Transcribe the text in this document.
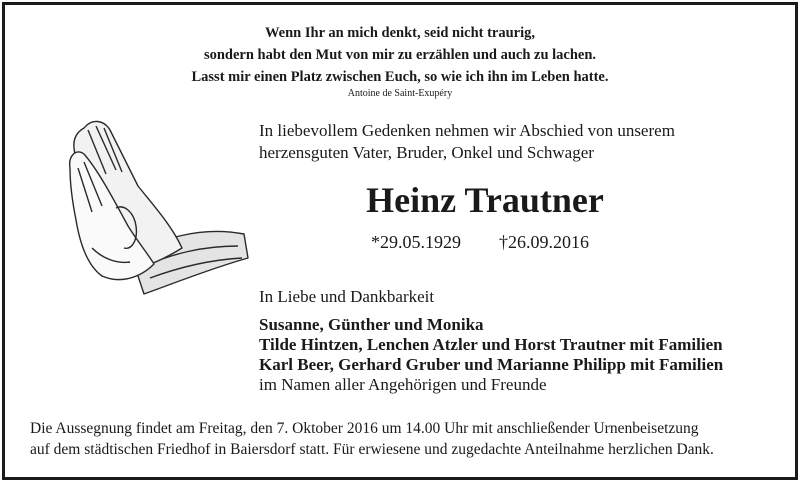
Wenn Ihr an mich denkt, seid nicht traurig,
sondern habt den Mut von mir zu erzählen und auch zu lachen.
Lasst mir einen Platz zwischen Euch, so wie ich ihn im Leben hatte.
Antoine de Saint-Exupéry
In liebevollem Gedenken nehmen wir Abschied von unserem
herzensguten Vater, Bruder, Onkel und Schwager
Heinz Trautner
*29.05.1929 †26.09.2016
In Liebe und Dankbarkeit
Susanne, Günther und Monika
Tilde Hintzen, Lenchen Atzler und Horst Trautner mit Familien
Karl Beer, Gerhard Gruber und Marianne Philipp mit Familien
im Namen aller Angehörigen und Freunde
Die Aussegnung findet am Freitag, den 7. Oktober 2016 um 14.00 Uhr mit anschließender Urnenbeisetzung
auf dem städtischen Friedhof in Baiersdorf statt. Für erwiesene und zugedachte Anteilnahme herzlichen Dank.
